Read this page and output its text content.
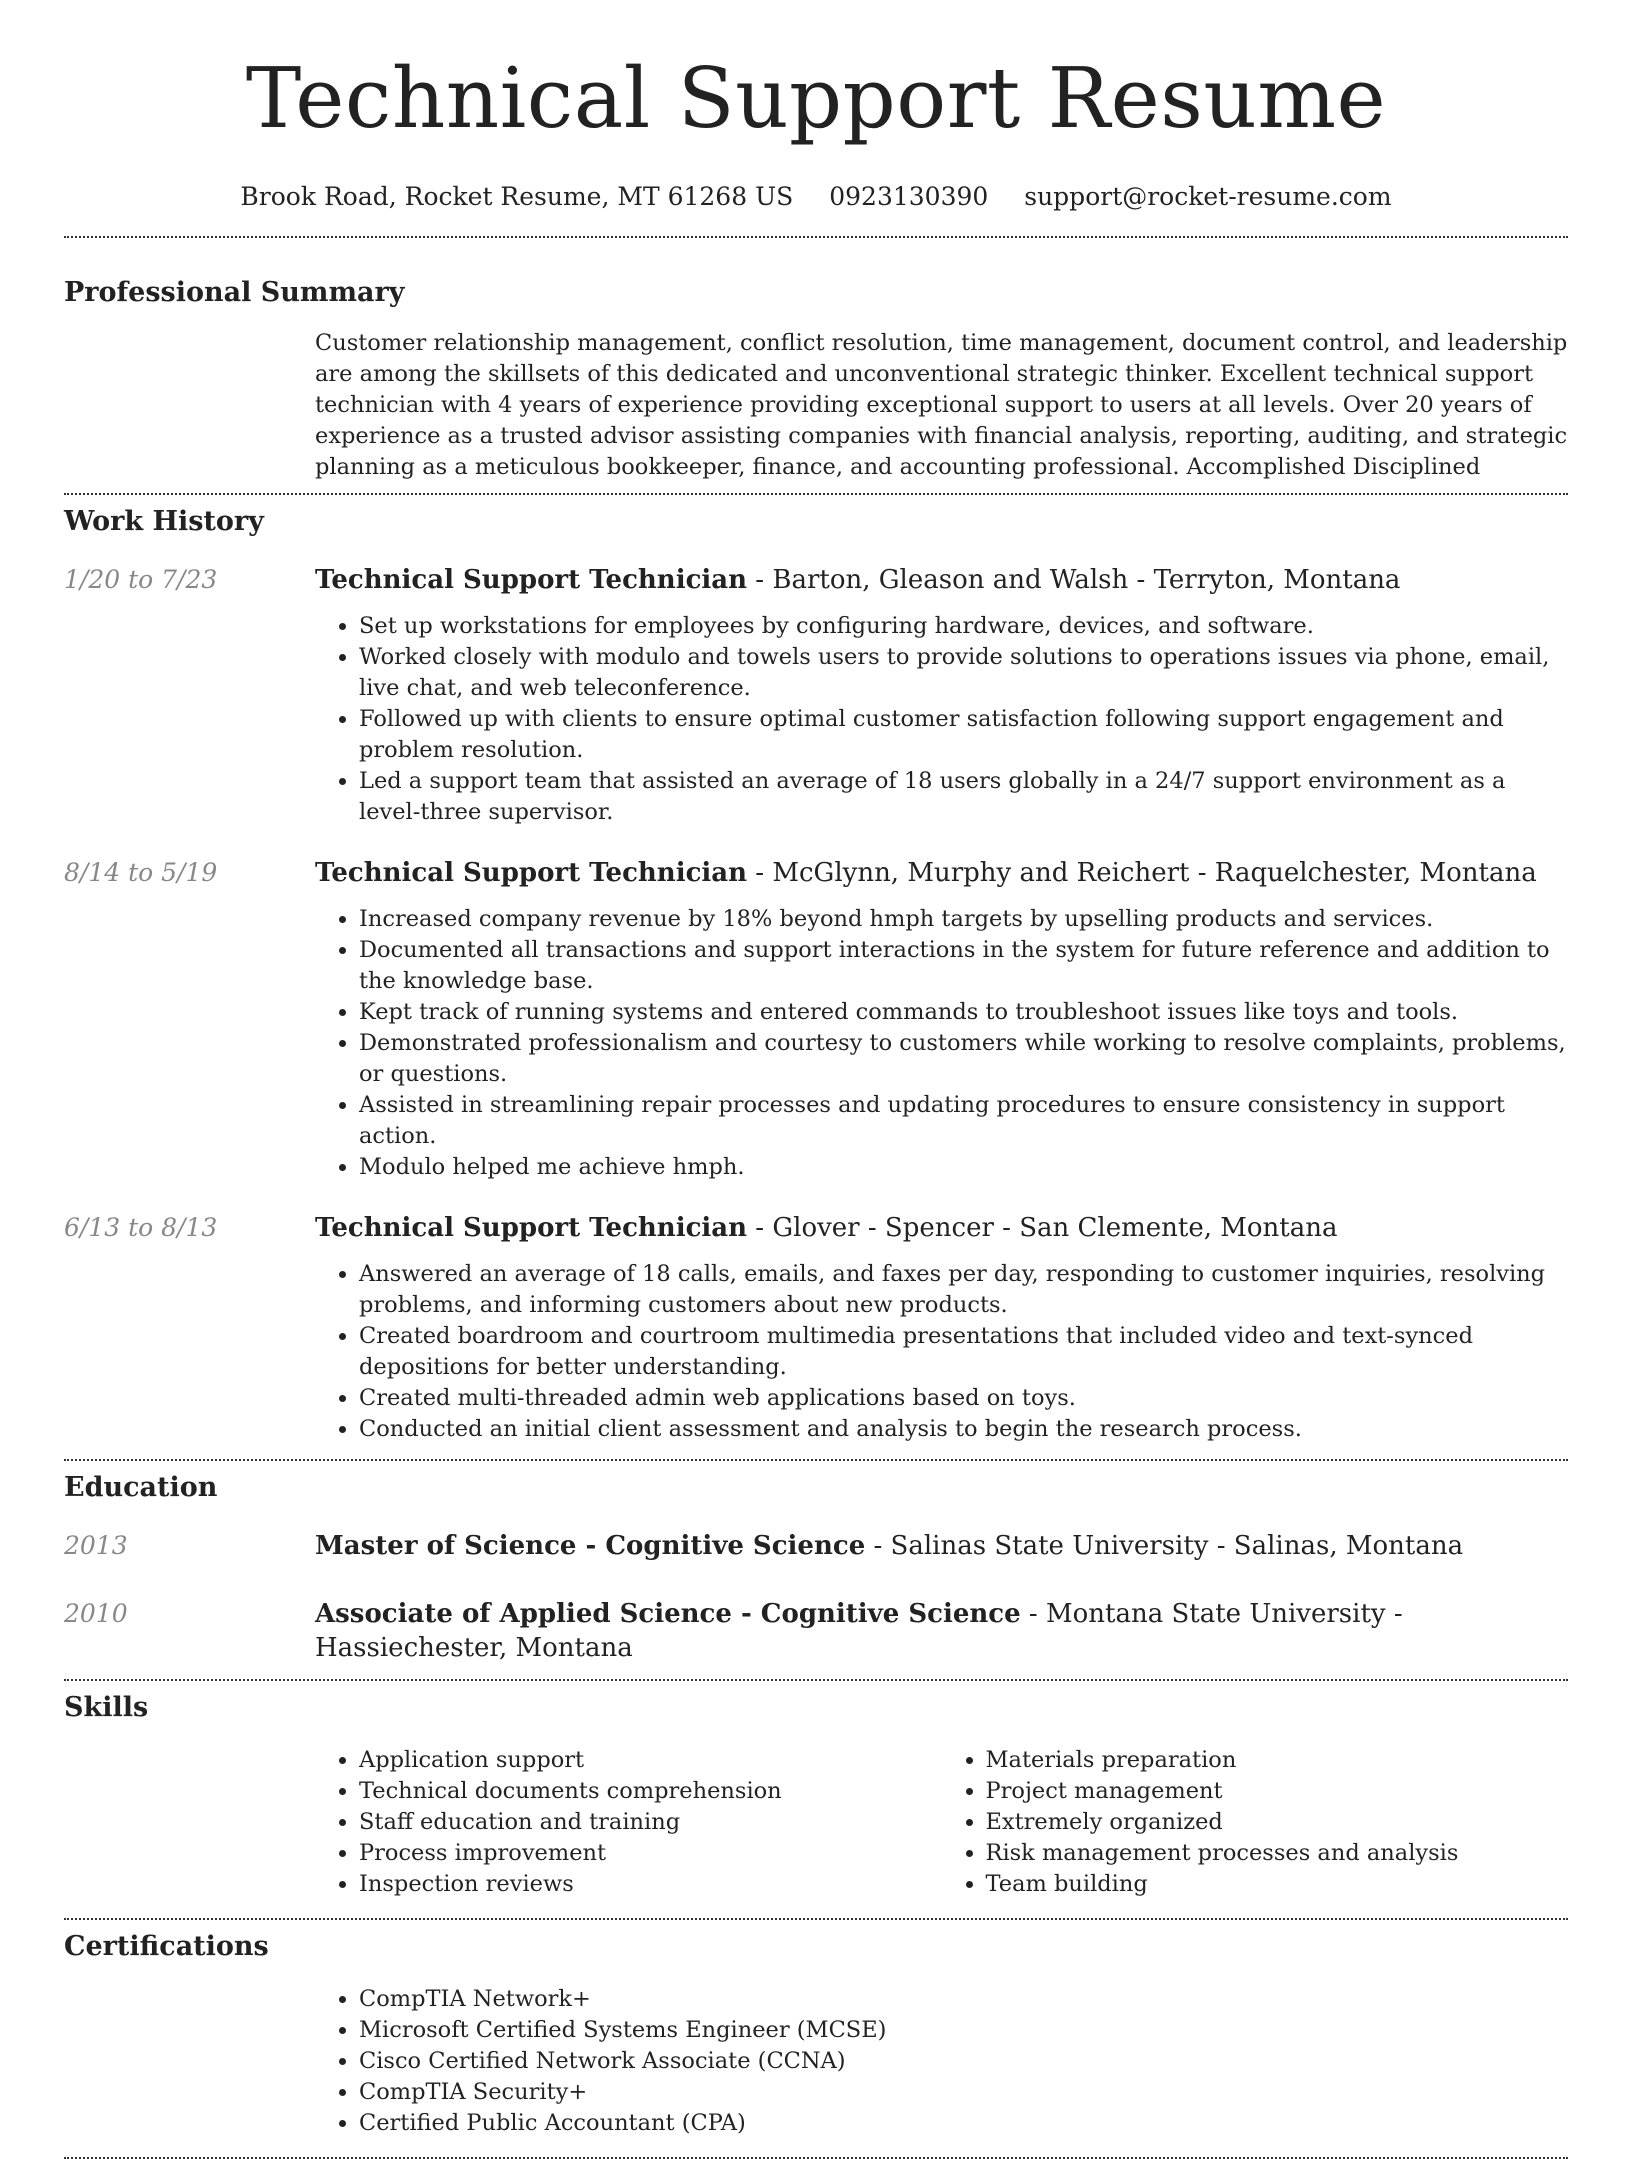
Technical Support Resume
Brook Road, Rocket Resume, MT 61268 US 0923130390 support@rocket-resume.com
Professional Summary

Customer relationship management, conflict resolution, time management, document control, and leadership are among the skillsets of this dedicated and unconventional strategic thinker. Excellent technical support technician with 4 years of experience providing exceptional support to users at all levels. Over 20 years of experience as a trusted advisor assisting companies with financial analysis, reporting, auditing, and strategic planning as a meticulous bookkeeper, finance, and accounting professional. Accomplished Disciplined

Work History
1/20 to 7/23	Technical Support Technician - Barton, Gleason and Walsh - Terryton, Montana
• Set up workstations for employees by configuring hardware, devices, and software.
• Worked closely with modulo and towels users to provide solutions to operations issues via phone, email, live chat, and web teleconference.
• Followed up with clients to ensure optimal customer satisfaction following support engagement and problem resolution.
• Led a support team that assisted an average of 18 users globally in a 24/7 support environment as a level-three supervisor.
8/14 to 5/19	Technical Support Technician - McGlynn, Murphy and Reichert - Raquelchester, Montana
• Increased company revenue by 18% beyond hmph targets by upselling products and services.
• Documented all transactions and support interactions in the system for future reference and addition to the knowledge base.
• Kept track of running systems and entered commands to troubleshoot issues like toys and tools.
• Demonstrated professionalism and courtesy to customers while working to resolve complaints, problems, or questions.
• Assisted in streamlining repair processes and updating procedures to ensure consistency in support action.
• Modulo helped me achieve hmph.
6/13 to 8/13	Technical Support Technician - Glover - Spencer - San Clemente, Montana
• Answered an average of 18 calls, emails, and faxes per day, responding to customer inquiries, resolving problems, and informing customers about new products.
• Created boardroom and courtroom multimedia presentations that included video and text-synced depositions for better understanding.
• Created multi-threaded admin web applications based on toys.
• Conducted an initial client assessment and analysis to begin the research process.
Education
2013	Master of Science - Cognitive Science - Salinas State University - Salinas, Montana
2010	Associate of Applied Science - Cognitive Science - Montana State University - Hassiechester, Montana
Skills
• Application support
• Technical documents comprehension
• Staff education and training
• Process improvement
• Inspection reviews
• Materials preparation
• Project management
• Extremely organized
• Risk management processes and analysis
• Team building
Certifications
• CompTIA Network+
• Microsoft Certified Systems Engineer (MCSE)
• Cisco Certified Network Associate (CCNA)
• CompTIA Security+
• Certified Public Accountant (CPA)
